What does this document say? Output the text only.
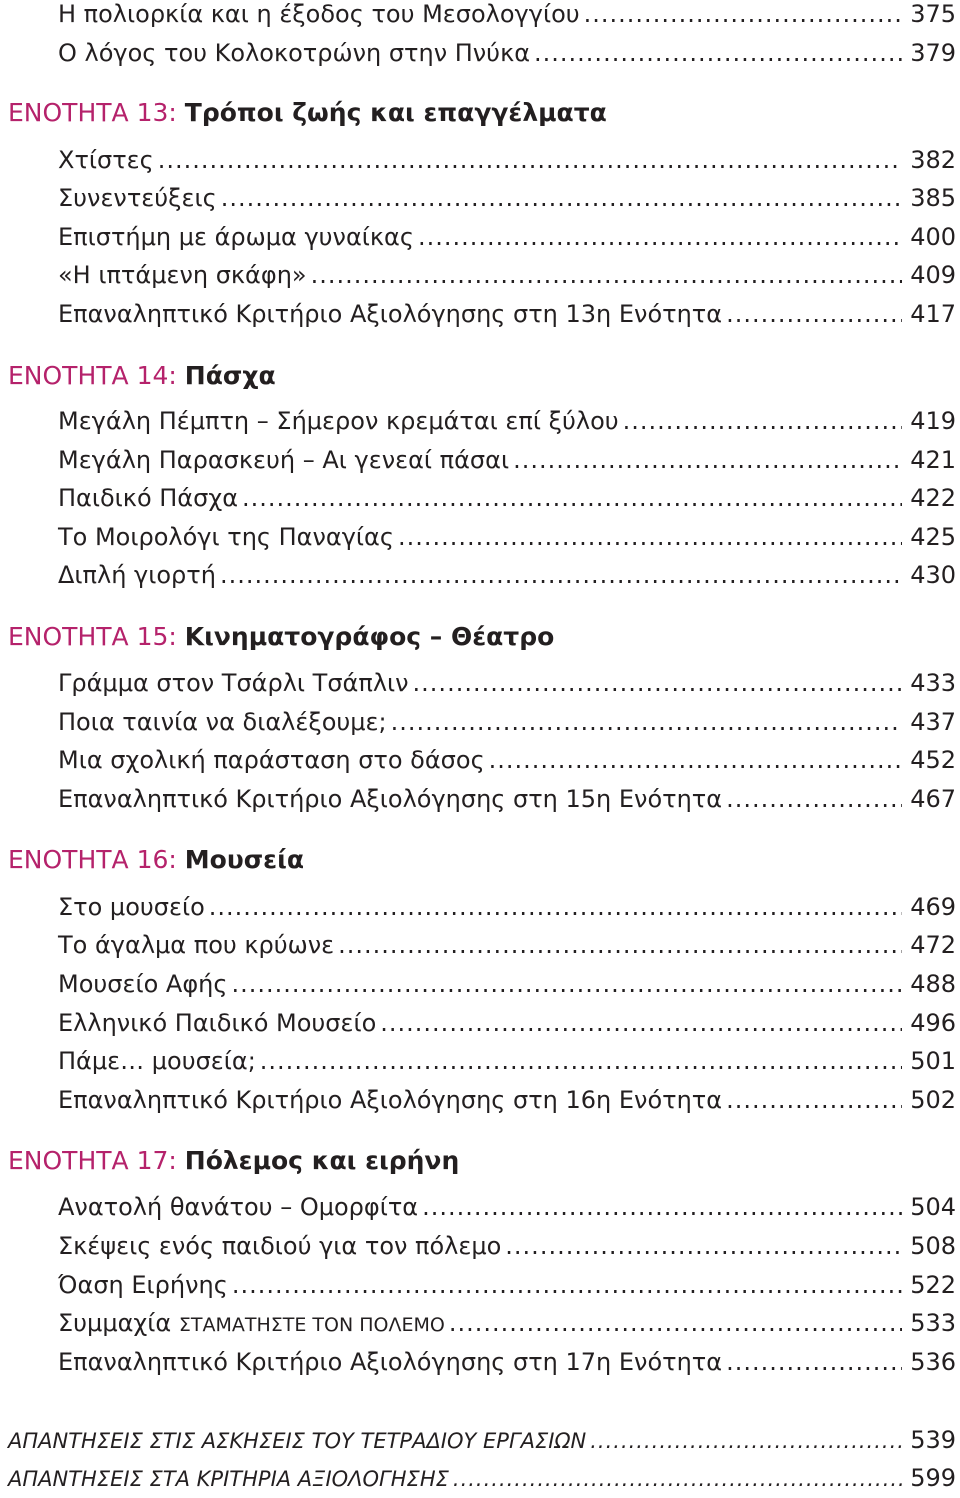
Η πολιορκία και η έξοδος του Μεσολογγίου .....	375
Ο λόγος του Κολοκοτρώνη στην Πνύκα .....	379
ΕΝΟΤΗΤΑ 13: Τρόποι ζωής και επαγγέλματα
Χτίστες .....	382
Συνεντεύξεις .....	385
Επιστήμη με άρωμα γυναίκας .....	400
«Η ιπτάμενη σκάφη» .....	409
Επαναληπτικό Κριτήριο Αξιολόγησης στη 13η Ενότητα .....	417
ΕΝΟΤΗΤΑ 14: Πάσχα
Μεγάλη Πέμπτη – Σήμερον κρεμάται επί ξύλου .....	419
Μεγάλη Παρασκευή – Αι γενεαί πάσαι .....	421
Παιδικό Πάσχα .....	422
Το Μοιρολόγι της Παναγίας .....	425
Διπλή γιορτή .....	430
ΕΝΟΤΗΤΑ 15: Κινηματογράφος – Θέατρο
Γράμμα στον Τσάρλι Τσάπλιν .....	433
Ποια ταινία να διαλέξουμε; .....	437
Μια σχολική παράσταση στο δάσος .....	452
Επαναληπτικό Κριτήριο Αξιολόγησης στη 15η Ενότητα .....	467
ΕΝΟΤΗΤΑ 16: Μουσεία
Στο μουσείο .....	469
Το άγαλμα που κρύωνε .....	472
Μουσείο Αφής .....	488
Ελληνικό Παιδικό Μουσείο .....	496
Πάμε… μουσεία; .....	501
Επαναληπτικό Κριτήριο Αξιολόγησης στη 16η Ενότητα .....	502
ΕΝΟΤΗΤΑ 17: Πόλεμος και ειρήνη
Ανατολή θανάτου – Ομορφίτα .....	504
Σκέψεις ενός παιδιού για τον πόλεμο .....	508
Όαση Ειρήνης .....	522
Συμμαχία ΣΤΑΜΑΤΗΣΤΕ ΤΟΝ ΠΟΛΕΜΟ .....	533
Επαναληπτικό Κριτήριο Αξιολόγησης στη 17η Ενότητα .....	536
ΑΠΑΝΤΗΣΕΙΣ ΣΤΙΣ ΑΣΚΗΣΕΙΣ ΤΟΥ ΤΕΤΡΑΔΙΟΥ ΕΡΓΑΣΙΩΝ .....	539
ΑΠΑΝΤΗΣΕΙΣ ΣΤΑ ΚΡΙΤΗΡΙΑ ΑΞΙΟΛΟΓΗΣΗΣ .....	599
